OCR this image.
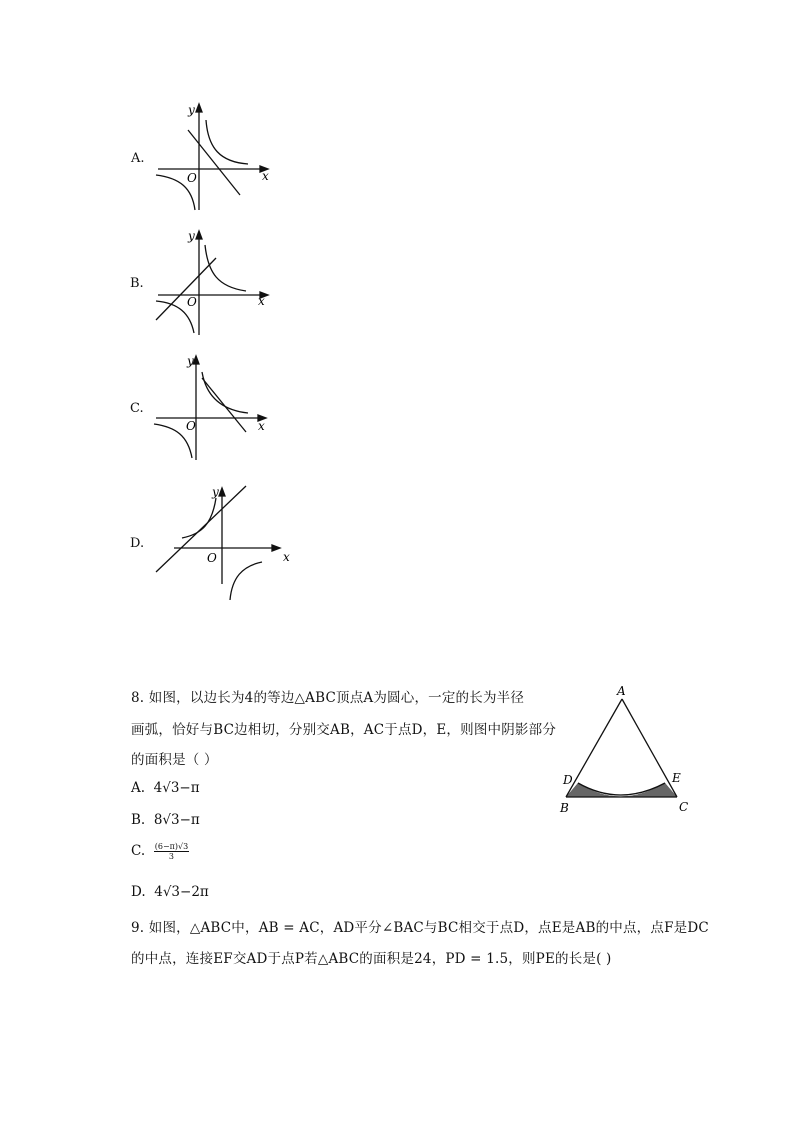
A.
y
x
O
B.
y
x
O
C.
y
x
O
D.
y
x
O
8. 如图，以边长为4的等边△ABC顶点A为圆心，一定的长为半径
画弧，恰好与BC边相切，分别交AB，AC于点D，E，则图中阴影部分
的面积是（ ）
A. 4√3−π
B. 8√3−π
C. $\frac{(6-\pi)√3}{3}$
D. 4√3−2π
A
D	E
B	C
9. 如图，△ABC中，AB = AC，AD平分∠BAC与BC相交于点D，点E是AB的中点，点F是DC
的中点，连接EF交AD于点P若△ABC的面积是24，PD = 1.5，则PE的长是( )
